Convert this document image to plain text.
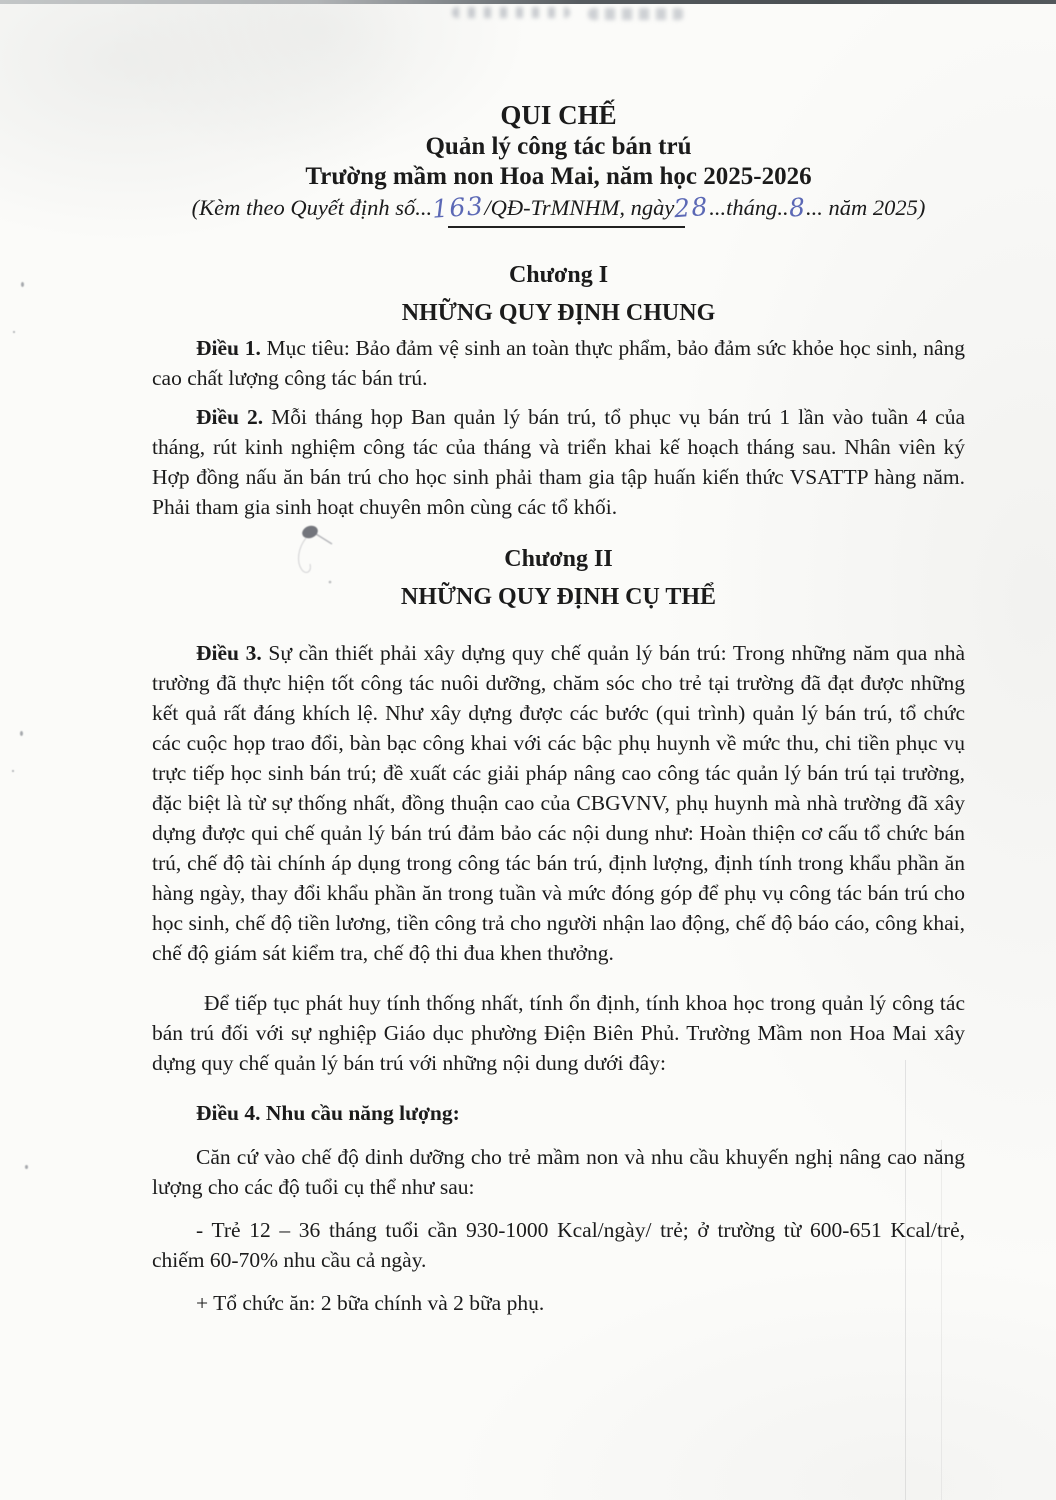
QUI CHẾ
Quản lý công tác bán trú
Trường mầm non Hoa Mai, năm học 2025-2026
(Kèm theo Quyết định số...163/QĐ-TrMNHM, ngày28...tháng..8... năm 2025)
Chương I
NHỮNG QUY ĐỊNH CHUNG

Điều 1. Mục tiêu: Bảo đảm vệ sinh an toàn thực phẩm, bảo đảm sức khỏe học sinh, nâng cao chất lượng công tác bán trú.

Điều 2. Mỗi tháng họp Ban quản lý bán trú, tổ phục vụ bán trú 1 lần vào tuần 4 của tháng, rút kinh nghiệm công tác của tháng và triển khai kế hoạch tháng sau. Nhân viên ký Hợp đồng nấu ăn bán trú cho học sinh phải tham gia tập huấn kiến thức VSATTP hàng năm. Phải tham gia sinh hoạt chuyên môn cùng các tổ khối.

Chương II
NHỮNG QUY ĐỊNH CỤ THỂ

Điều 3. Sự cần thiết phải xây dựng quy chế quản lý bán trú: Trong những năm qua nhà trường đã thực hiện tốt công tác nuôi dưỡng, chăm sóc cho trẻ tại trường đã đạt được những kết quả rất đáng khích lệ. Như xây dựng được các bước (qui trình) quản lý bán trú, tổ chức các cuộc họp trao đổi, bàn bạc công khai với các bậc phụ huynh về mức thu, chi tiền phục vụ trực tiếp học sinh bán trú; đề xuất các giải pháp nâng cao công tác quản lý bán trú tại trường, đặc biệt là từ sự thống nhất, đồng thuận cao của CBGVNV, phụ huynh mà nhà trường đã xây dựng được qui chế quản lý bán trú đảm bảo các nội dung như: Hoàn thiện cơ cấu tổ chức bán trú, chế độ tài chính áp dụng trong công tác bán trú, định lượng, định tính trong khẩu phần ăn hàng ngày, thay đổi khẩu phần ăn trong tuần và mức đóng góp để phụ vụ công tác bán trú cho học sinh, chế độ tiền lương, tiền công trả cho người nhận lao động, chế độ báo cáo, công khai, chế độ giám sát kiểm tra, chế độ thi đua khen thưởng.

Để tiếp tục phát huy tính thống nhất, tính ổn định, tính khoa học trong quản lý công tác bán trú đối với sự nghiệp Giáo dục phường Điện Biên Phủ. Trường Mầm non Hoa Mai xây dựng quy chế quản lý bán trú với những nội dung dưới đây:

Điều 4. Nhu cầu năng lượng:

Căn cứ vào chế độ dinh dưỡng cho trẻ mầm non và nhu cầu khuyến nghị nâng cao năng lượng cho các độ tuổi cụ thể như sau:

- Trẻ 12 – 36 tháng tuổi cần 930-1000 Kcal/ngày/ trẻ; ở trường từ 600-651 Kcal/trẻ, chiếm 60-70% nhu cầu cả ngày.

+ Tổ chức ăn: 2 bữa chính và 2 bữa phụ.
